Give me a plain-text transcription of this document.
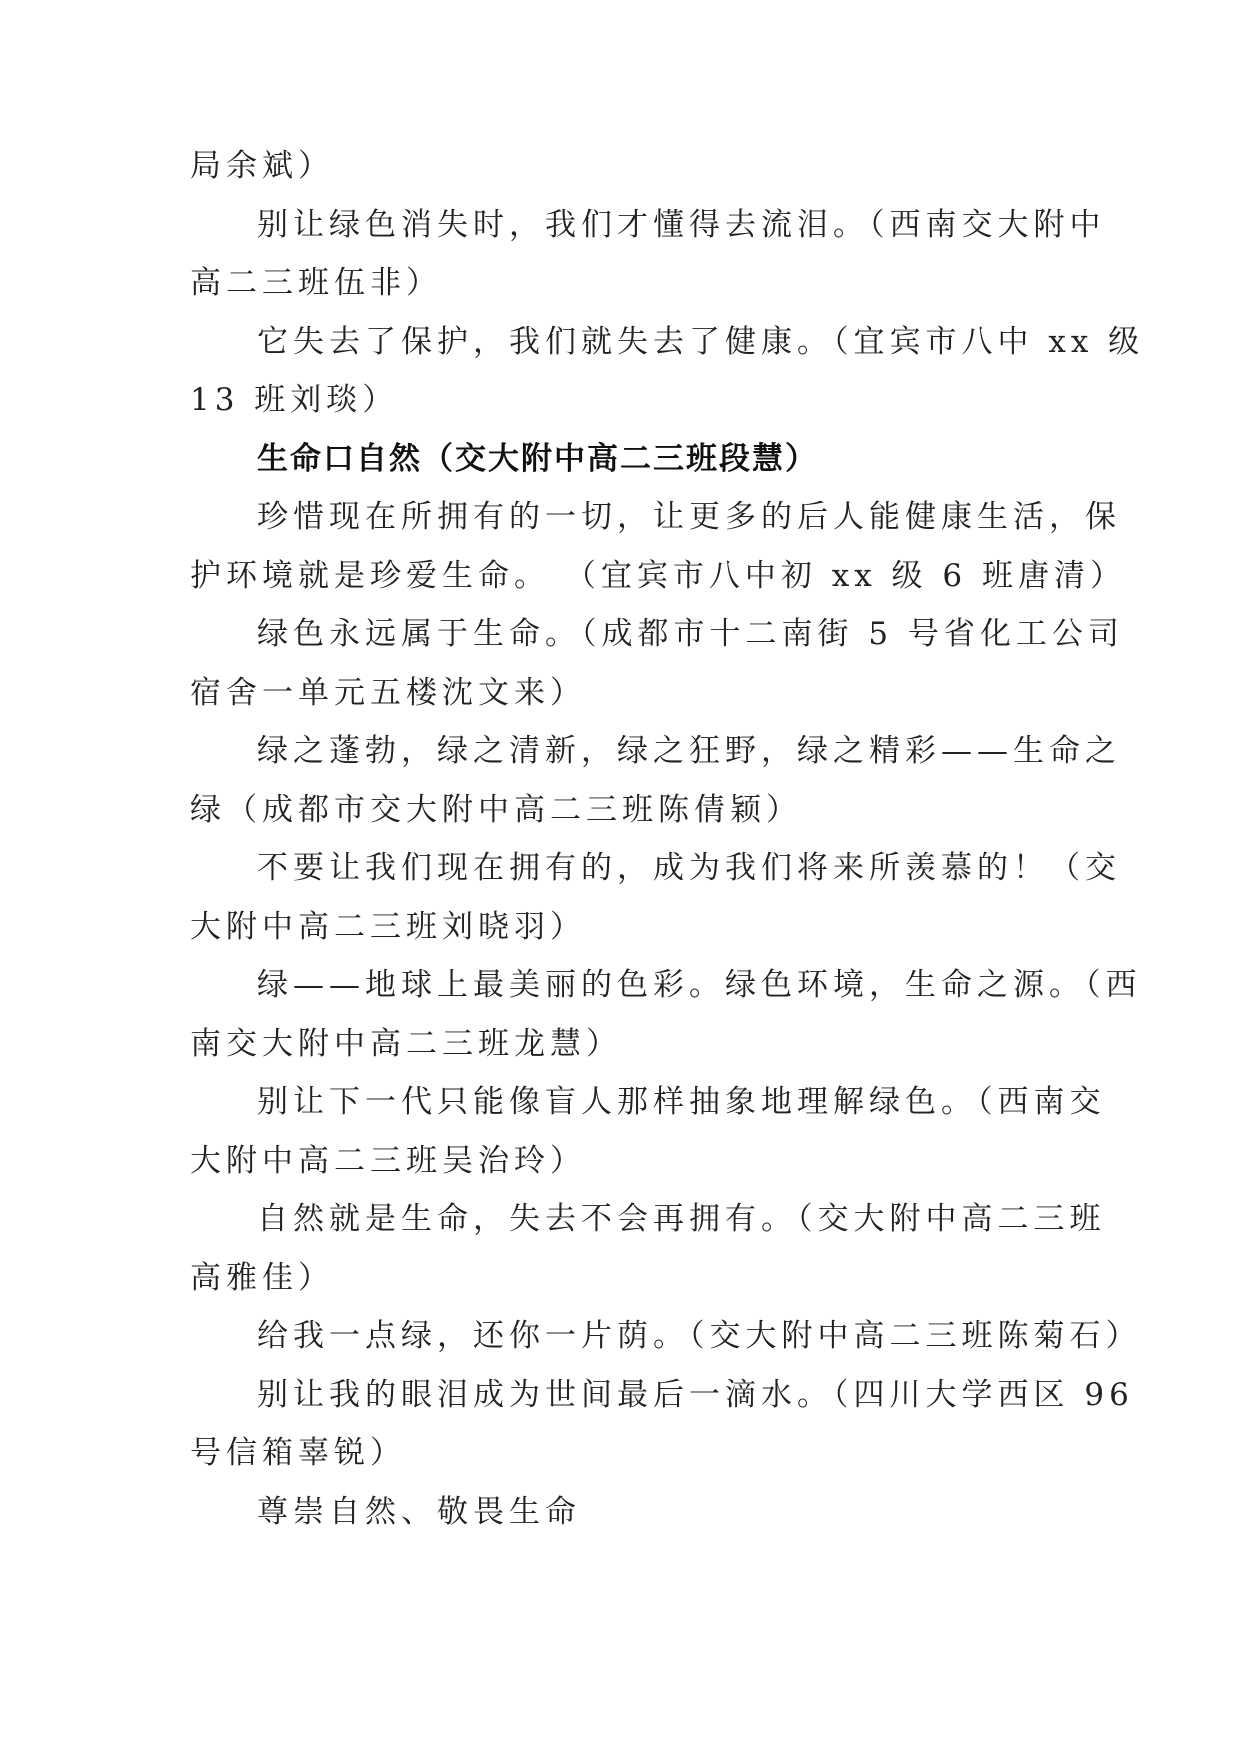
局余斌）
别让绿色消失时，我们才懂得去流泪。（西南交大附中
高二三班伍非）
它失去了保护，我们就失去了健康。（宜宾市八中 xx 级
13 班刘琰）
生命口自然（交大附中高二三班段慧）
珍惜现在所拥有的一切，让更多的后人能健康生活，保
护环境就是珍爱生命。 （宜宾市八中初 xx 级 6 班唐清）
绿色永远属于生命。（成都市十二南街 5 号省化工公司
宿舍一单元五楼沈文来）
绿之蓬勃，绿之清新，绿之狂野，绿之精彩——生命之
绿（成都市交大附中高二三班陈倩颖）
不要让我们现在拥有的，成为我们将来所羡慕的！（交
大附中高二三班刘晓羽）
绿——地球上最美丽的色彩。绿色环境，生命之源。（西
南交大附中高二三班龙慧）
别让下一代只能像盲人那样抽象地理解绿色。（西南交
大附中高二三班吴治玲）
自然就是生命，失去不会再拥有。（交大附中高二三班
高雅佳）
给我一点绿，还你一片荫。（交大附中高二三班陈菊石）
别让我的眼泪成为世间最后一滴水。（四川大学西区 96
号信箱辜锐）
尊崇自然、敬畏生命
